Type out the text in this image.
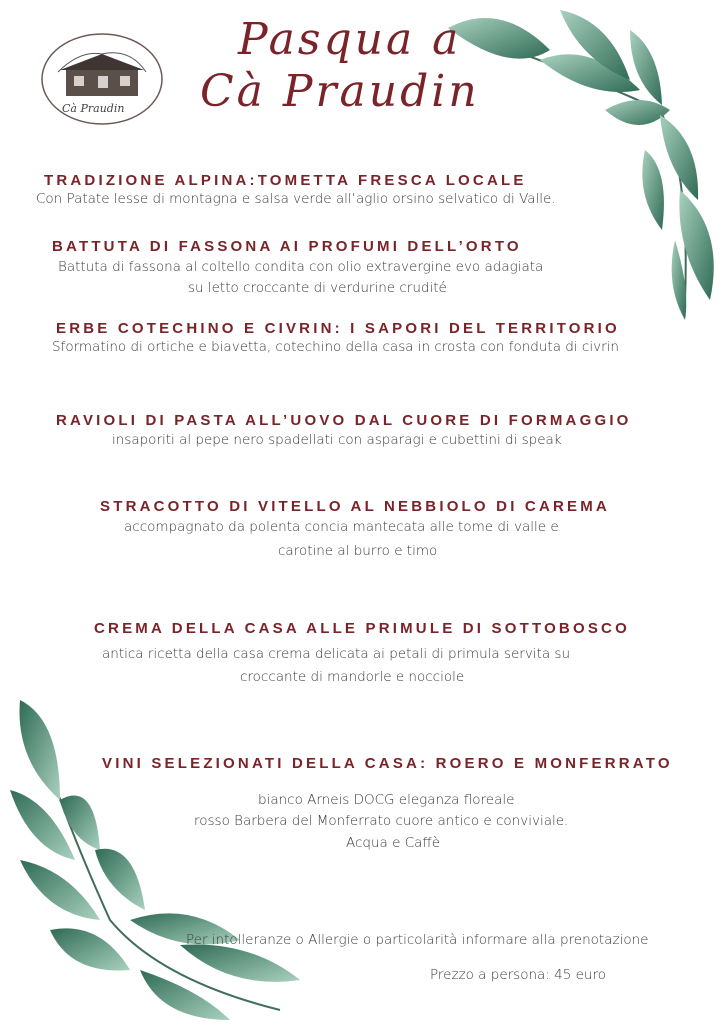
Cà Praudin
Pasqua a
Cà Praudin
TRADIZIONE ALPINA:TOMETTA FRESCA LOCALE
Con Patate lesse di montagna e salsa verde all’aglio orsino selvatico di Valle.
BATTUTA DI FASSONA AI PROFUMI DELL’ORTO
Battuta di fassona al coltello condita con olio extravergine evo adagiata
su letto croccante di verdurine crudité
ERBE COTECHINO E CIVRIN: I SAPORI DEL TERRITORIO
Sformatino di ortiche e biavetta, cotechino della casa in crosta con fonduta di civrin
RAVIOLI DI PASTA ALL’UOVO DAL CUORE DI FORMAGGIO
insaporiti al pepe nero spadellati con asparagi e cubettini di speak
STRACOTTO DI VITELLO AL NEBBIOLO DI CAREMA
accompagnato da polenta concia mantecata alle tome di valle e
carotine al burro e timo
CREMA DELLA CASA ALLE PRIMULE DI SOTTOBOSCO
antica ricetta della casa crema delicata ai petali di primula servita su
croccante di mandorle e nocciole
VINI SELEZIONATI DELLA CASA: ROERO E MONFERRATO
bianco Arneis DOCG eleganza floreale
rosso Barbera del Monferrato cuore antico e conviviale.
Acqua e Caffè
Per intolleranze o Allergie o particolarità informare alla prenotazione
Prezzo a persona: 45 euro
